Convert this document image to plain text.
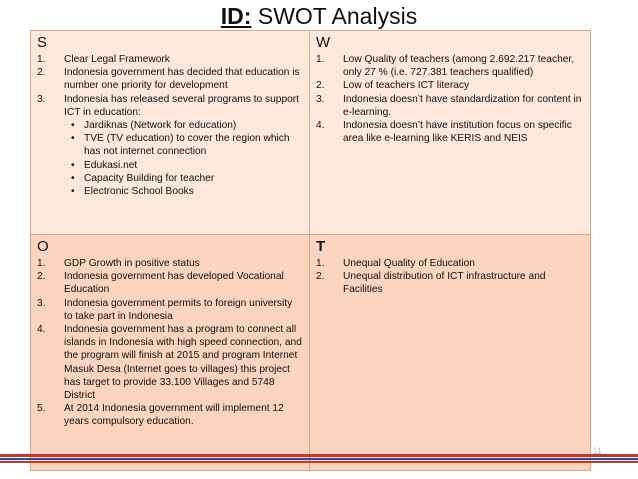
ID: SWOT Analysis
S
1. Clear Legal Framework
2. Indonesia government has decided that education is number one priority for development
3. Indonesia has released several programs to support ICT in education:
• Jardiknas (Network for education)
• TVE (TV education) to cover the region which has not internet connection
• Edukasi.net
• Capacity Building for teacher
• Electronic School Books
W
1. Low Quality of teachers (among 2.692.217 teacher, only 27 % (i.e. 727.381 teachers qualified)
2. Low of teachers ICT literacy
3. Indonesia doesn’t have standardization for content in e-learning.
4. Indonesia doesn’t have institution focus on specific area like e-learning like KERIS and NEIS
O
1. GDP Growth in positive status
2. Indonesia government has developed Vocational Education
3. Indonesia government permits to foreign university to take part in Indonesia
4. Indonesia government has a program to connect all islands in Indonesia with high speed connection, and the program will finish at 2015 and program Internet Masuk Desa (Internet goes to villages) this project has target to provide 33.100 Villages and 5748 District
5. At 2014 Indonesia government will implement 12 years compulsory education.
T
1. Unequal Quality of Education
2. Unequal distribution of ICT infrastructure and Facilities
11
